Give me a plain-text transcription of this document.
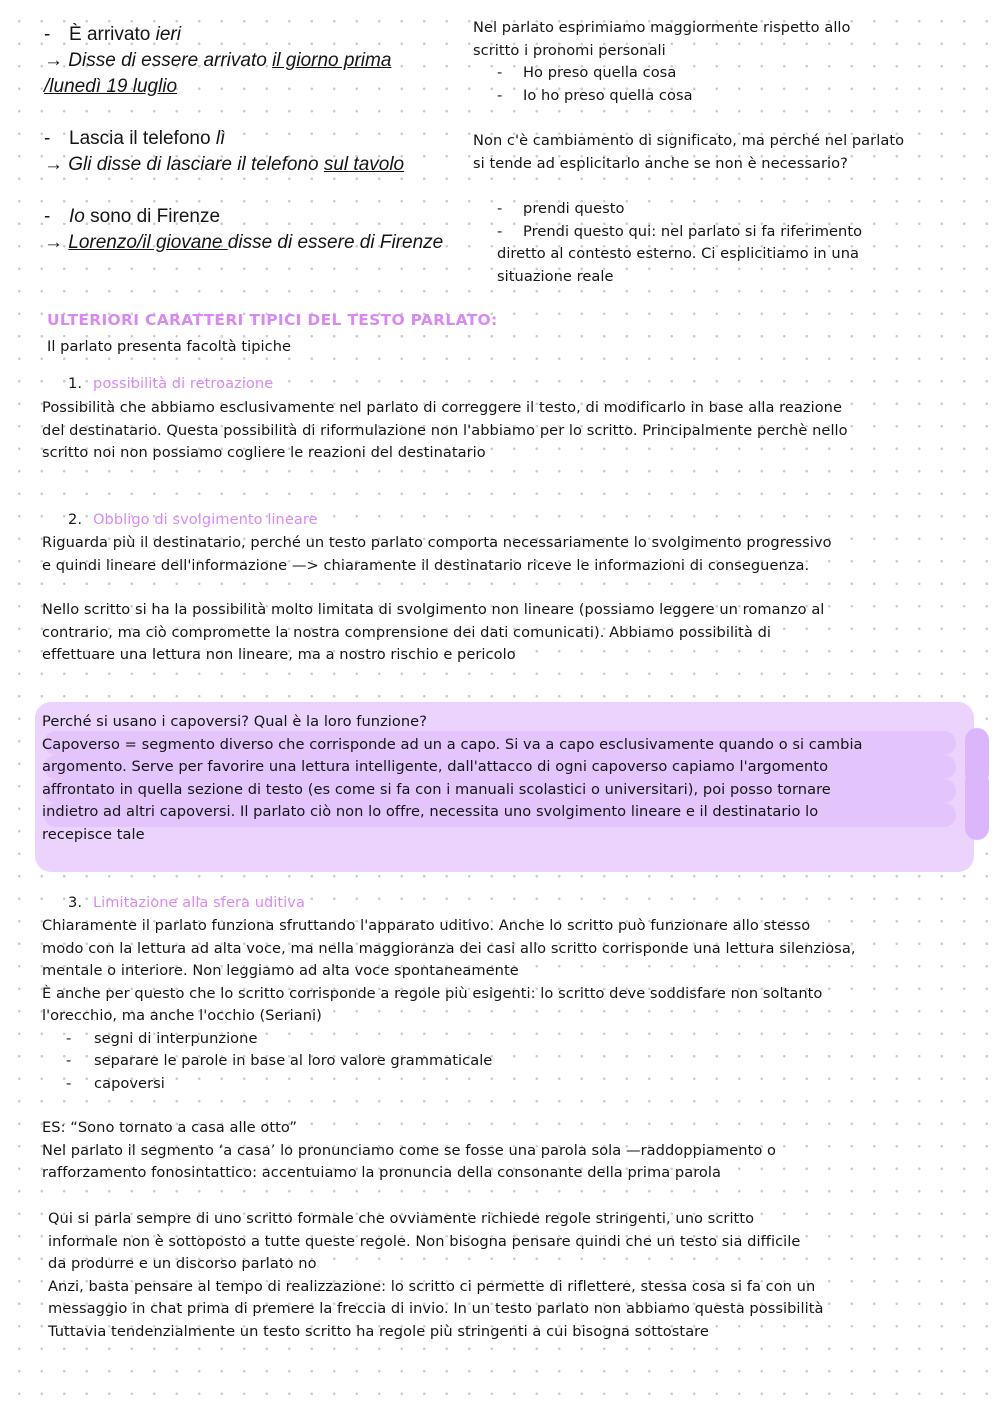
- È arrivato ieri
→ Disse di essere arrivato il giorno prima
/lunedì 19 luglio
- Lascia il telefono lì
→ Gli disse di lasciare il telefono sul tavolo
- Io sono di Firenze
→ Lorenzo/il giovane disse di essere di Firenze
Nel parlato esprimiamo maggiormente rispetto allo
scritto i pronomi personali
- Ho preso quella cosa
- Io ho preso quella cosa
Non c'è cambiamento di significato, ma perché nel parlato
si tende ad esplicitarlo anche se non è necessario?
- prendi questo
- Prendi questo qui: nel parlato si fa riferimento
diretto al contesto esterno. Ci esplicitiamo in una
situazione reale
ULTERIORI CARATTERI TIPICI DEL TESTO PARLATO:
Il parlato presenta facoltà tipiche
1. possibilità di retroazione
Possibilità che abbiamo esclusivamente nel parlato di correggere il testo, di modificarlo in base alla reazione
del destinatario. Questa possibilità di riformulazione non l'abbiamo per lo scritto. Principalmente perchè nello
scritto noi non possiamo cogliere le reazioni del destinatario
2. Obbligo di svolgimento lineare
Riguarda più il destinatario, perché un testo parlato comporta necessariamente lo svolgimento progressivo
e quindi lineare dell'informazione —> chiaramente il destinatario riceve le informazioni di conseguenza.
Nello scritto si ha la possibilità molto limitata di svolgimento non lineare (possiamo leggere un romanzo al
contrario, ma ciò compromette la nostra comprensione dei dati comunicati). Abbiamo possibilità di
effettuare una lettura non lineare, ma a nostro rischio e pericolo
Perché si usano i capoversi? Qual è la loro funzione?
Capoverso = segmento diverso che corrisponde ad un a capo. Si va a capo esclusivamente quando o si cambia
argomento. Serve per favorire una lettura intelligente, dall'attacco di ogni capoverso capiamo l'argomento
affrontato in quella sezione di testo (es come si fa con i manuali scolastici o universitari), poi posso tornare
indietro ad altri capoversi. Il parlato ciò non lo offre, necessita uno svolgimento lineare e il destinatario lo
recepisce tale
3. Limitazione alla sfera uditiva
Chiaramente il parlato funziona sfruttando l'apparato uditivo. Anche lo scritto può funzionare allo stesso
modo con la lettura ad alta voce, ma nella maggioranza dei casi allo scritto corrisponde una lettura silenziosa,
mentale o interiore. Non leggiamo ad alta voce spontaneamente
È anche per questo che lo scritto corrisponde a regole più esigenti: lo scritto deve soddisfare non soltanto
l'orecchio, ma anche l'occhio (Seriani)
- segni di interpunzione
- separare le parole in base al loro valore grammaticale
- capoversi
ES: “Sono tornato a casa alle otto”
Nel parlato il segmento ‘a casa’ lo pronunciamo come se fosse una parola sola —raddoppiamento o
rafforzamento fonosintattico: accentuiamo la pronuncia della consonante della prima parola
Qui si parla sempre di uno scritto formale che ovviamente richiede regole stringenti, uno scritto
informale non è sottoposto a tutte queste regole. Non bisogna pensare quindi che un testo sia difficile
da produrre e un discorso parlato no
Anzi, basta pensare al tempo di realizzazione: lo scritto ci permette di riflettere, stessa cosa si fa con un
messaggio in chat prima di premere la freccia di invio. In un testo parlato non abbiamo questa possibilità
Tuttavia tendenzialmente un testo scritto ha regole più stringenti a cui bisogna sottostare
